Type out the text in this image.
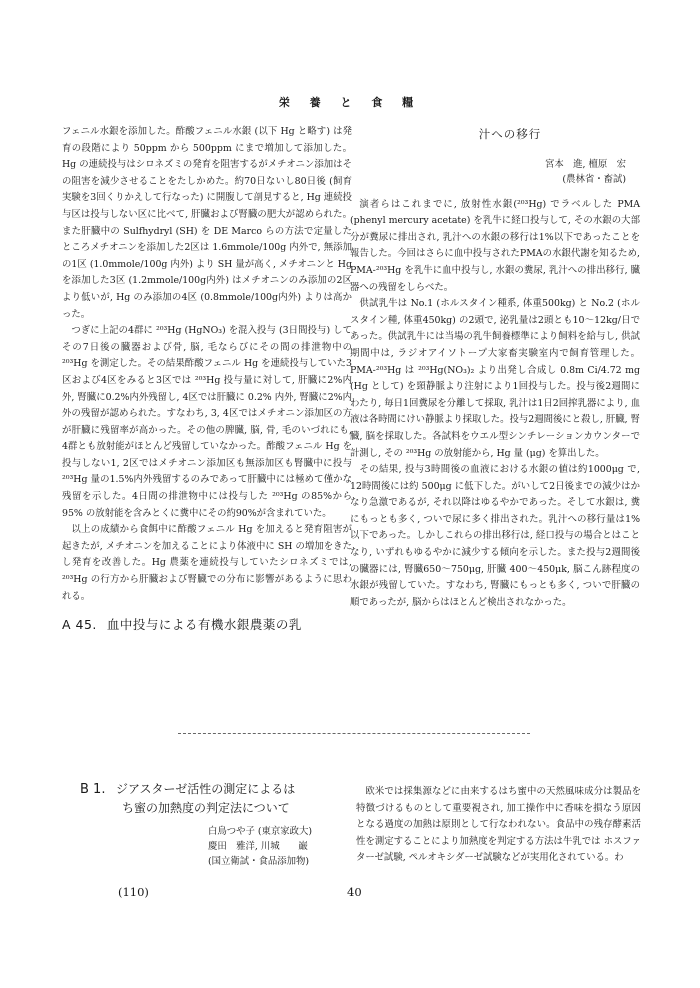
栄 養 と 食 糧

フェニル水銀を添加した。酢酸フェニル水銀 (以下 Hg と略す) は発育の段階により 50ppm から 500ppm にまで増加して添加した。Hg の連続投与はシロネズミの発育を阻害するがメチオニン添加はその阻害を減少させることをたしかめた。約70日ないし80日後 (飼育実験を3回くりかえして行なった) に開腹して剖見すると, Hg 連続投与区は投与しない区に比べて, 肝臓および腎臓の肥大が認められた。また肝臓中の Sulfhydryl (SH) を DE Marco らの方法で定量したところメチオニンを添加した2区は 1.6mmole/100g 内外で, 無添加の1区 (1.0mmole/100g 内外) より SH 量が高く, メチオニンと Hg を添加した3区 (1.2mmole/100g内外) はメチオニンのみ添加の2区より低いが, Hg のみ添加の4区 (0.8mmole/100g内外) よりは高かった。

つぎに上記の4群に ²⁰³Hg (HgNO₃) を混入投与 (3日間投与) してその7日後の臓器および骨, 脳, 毛ならびにその間の排泄物中の ²⁰³Hg を測定した。その結果酢酸フェニル Hg を連続投与していた3区および4区をみると3区では ²⁰³Hg 投与量に対して, 肝臓に2%内外, 腎臓に0.2%内外残留し, 4区では肝臓に 0.2% 内外, 腎臓に2%内外の残留が認められた。すなわち, 3, 4区ではメチオニン添加区の方が肝臓に残留率が高かった。その他の脾臓, 脳, 骨, 毛のいづれにも, 4群とも放射能がほとんど残留していなかった。酢酸フェニル Hg を投与しない1, 2区ではメチオニン添加区も無添加区も腎臓中に投与 ²⁰³Hg 量の1.5%内外残留するのみであって肝臓中には極めて僅かな残留を示した。4日間の排泄物中には投与した ²⁰³Hg の85%から 95% の放射能を含みとくに糞中にその約90%が含まれていた。

以上の成績から食餌中に酢酸フェニル Hg を加えると発育阻害が起きたが, メチオニンを加えることにより体液中に SH の増加をきたし発育を改善した。Hg 農薬を連続投与していたシロネズミでは, ²⁰³Hg の行方から肝臓および腎臓での分布に影響があるように思われる。

A 45. 血中投与による有機水銀農薬の乳
汁への移行
宮本　進, 檀原　宏
(農林省・畜試)

演者らはこれまでに, 放射性水銀(²⁰³Hg) でラベルした PMA (phenyl mercury acetate) を乳牛に経口投与して, その水銀の大部分が糞尿に排出され, 乳汁への水銀の移行は1%以下であったことを報告した。今回はさらに血中投与されたPMAの水銀代謝を知るため, PMA-²⁰³Hg を乳牛に血中投与し, 水銀の糞尿, 乳汁への排出移行, 臓器への残留をしらべた。

供試乳牛は No.1 (ホルスタイン種系, 体重500kg) と No.2 (ホルスタイン種, 体重450kg) の2頭で, 泌乳量は2頭とも10〜12kg/日であった。供試乳牛には当場の乳牛飼養標準により飼料を給与し, 供試期間中は, ラジオアイソトープ大家畜実験室内で飼育管理した。PMA-²⁰³Hg は ²⁰³Hg(NO₃)₂ より出発し合成し 0.8m Ci/4.72 mg (Hg として) を頸静脈より注射により1回投与した。投与後2週間にわたり, 毎日1回糞尿を分離して採取, 乳汁は1日2回搾乳器により, 血液は各時間にけい静脈より採取した。投与2週間後にと殺し, 肝臓, 腎臓, 脳を採取した。各試料をウエル型シンチレーションカウンターで計測し, その ²⁰³Hg の放射能から, Hg 量 (μg) を算出した。

その結果, 投与3時間後の血液における水銀の値は約1000μg で, 12時間後には約 500μg に低下した。がいして2日後までの減少はかなり急激であるが, それ以降はゆるやかであった。そして水銀は, 糞にもっとも多く, ついで尿に多く排出された。乳汁への移行量は1%以下であった。しかしこれらの排出移行は, 経口投与の場合とはことなり, いずれもゆるやかに減少する傾向を示した。また投与2週間後の臓器には, 腎臓650〜750μg, 肝臓 400〜450μk, 脳こん跡程度の水銀が残留していた。すなわち, 腎臓にもっとも多く, ついで肝臓の順であったが, 脳からはほとんど検出されなかった。

B 1. ジアスターゼ活性の測定によるは
ち蜜の加熱度の判定法について
白鳥つや子 (東京家政大)
慶田　雅洋, 川城　　巌
(国立衛試・食品添加物)

欧米では採集源などに由来するはち蜜中の天然風味成分は製品を特徴づけるものとして重要視され, 加工操作中に香味を損なう原因となる過度の加熱は原則として行なわれない。食品中の残存酵素活性を測定することにより加熱度を判定する方法は牛乳では ホスファターゼ試験, ペルオキシダーゼ試験などが実用化されている。わ

(110)	40
